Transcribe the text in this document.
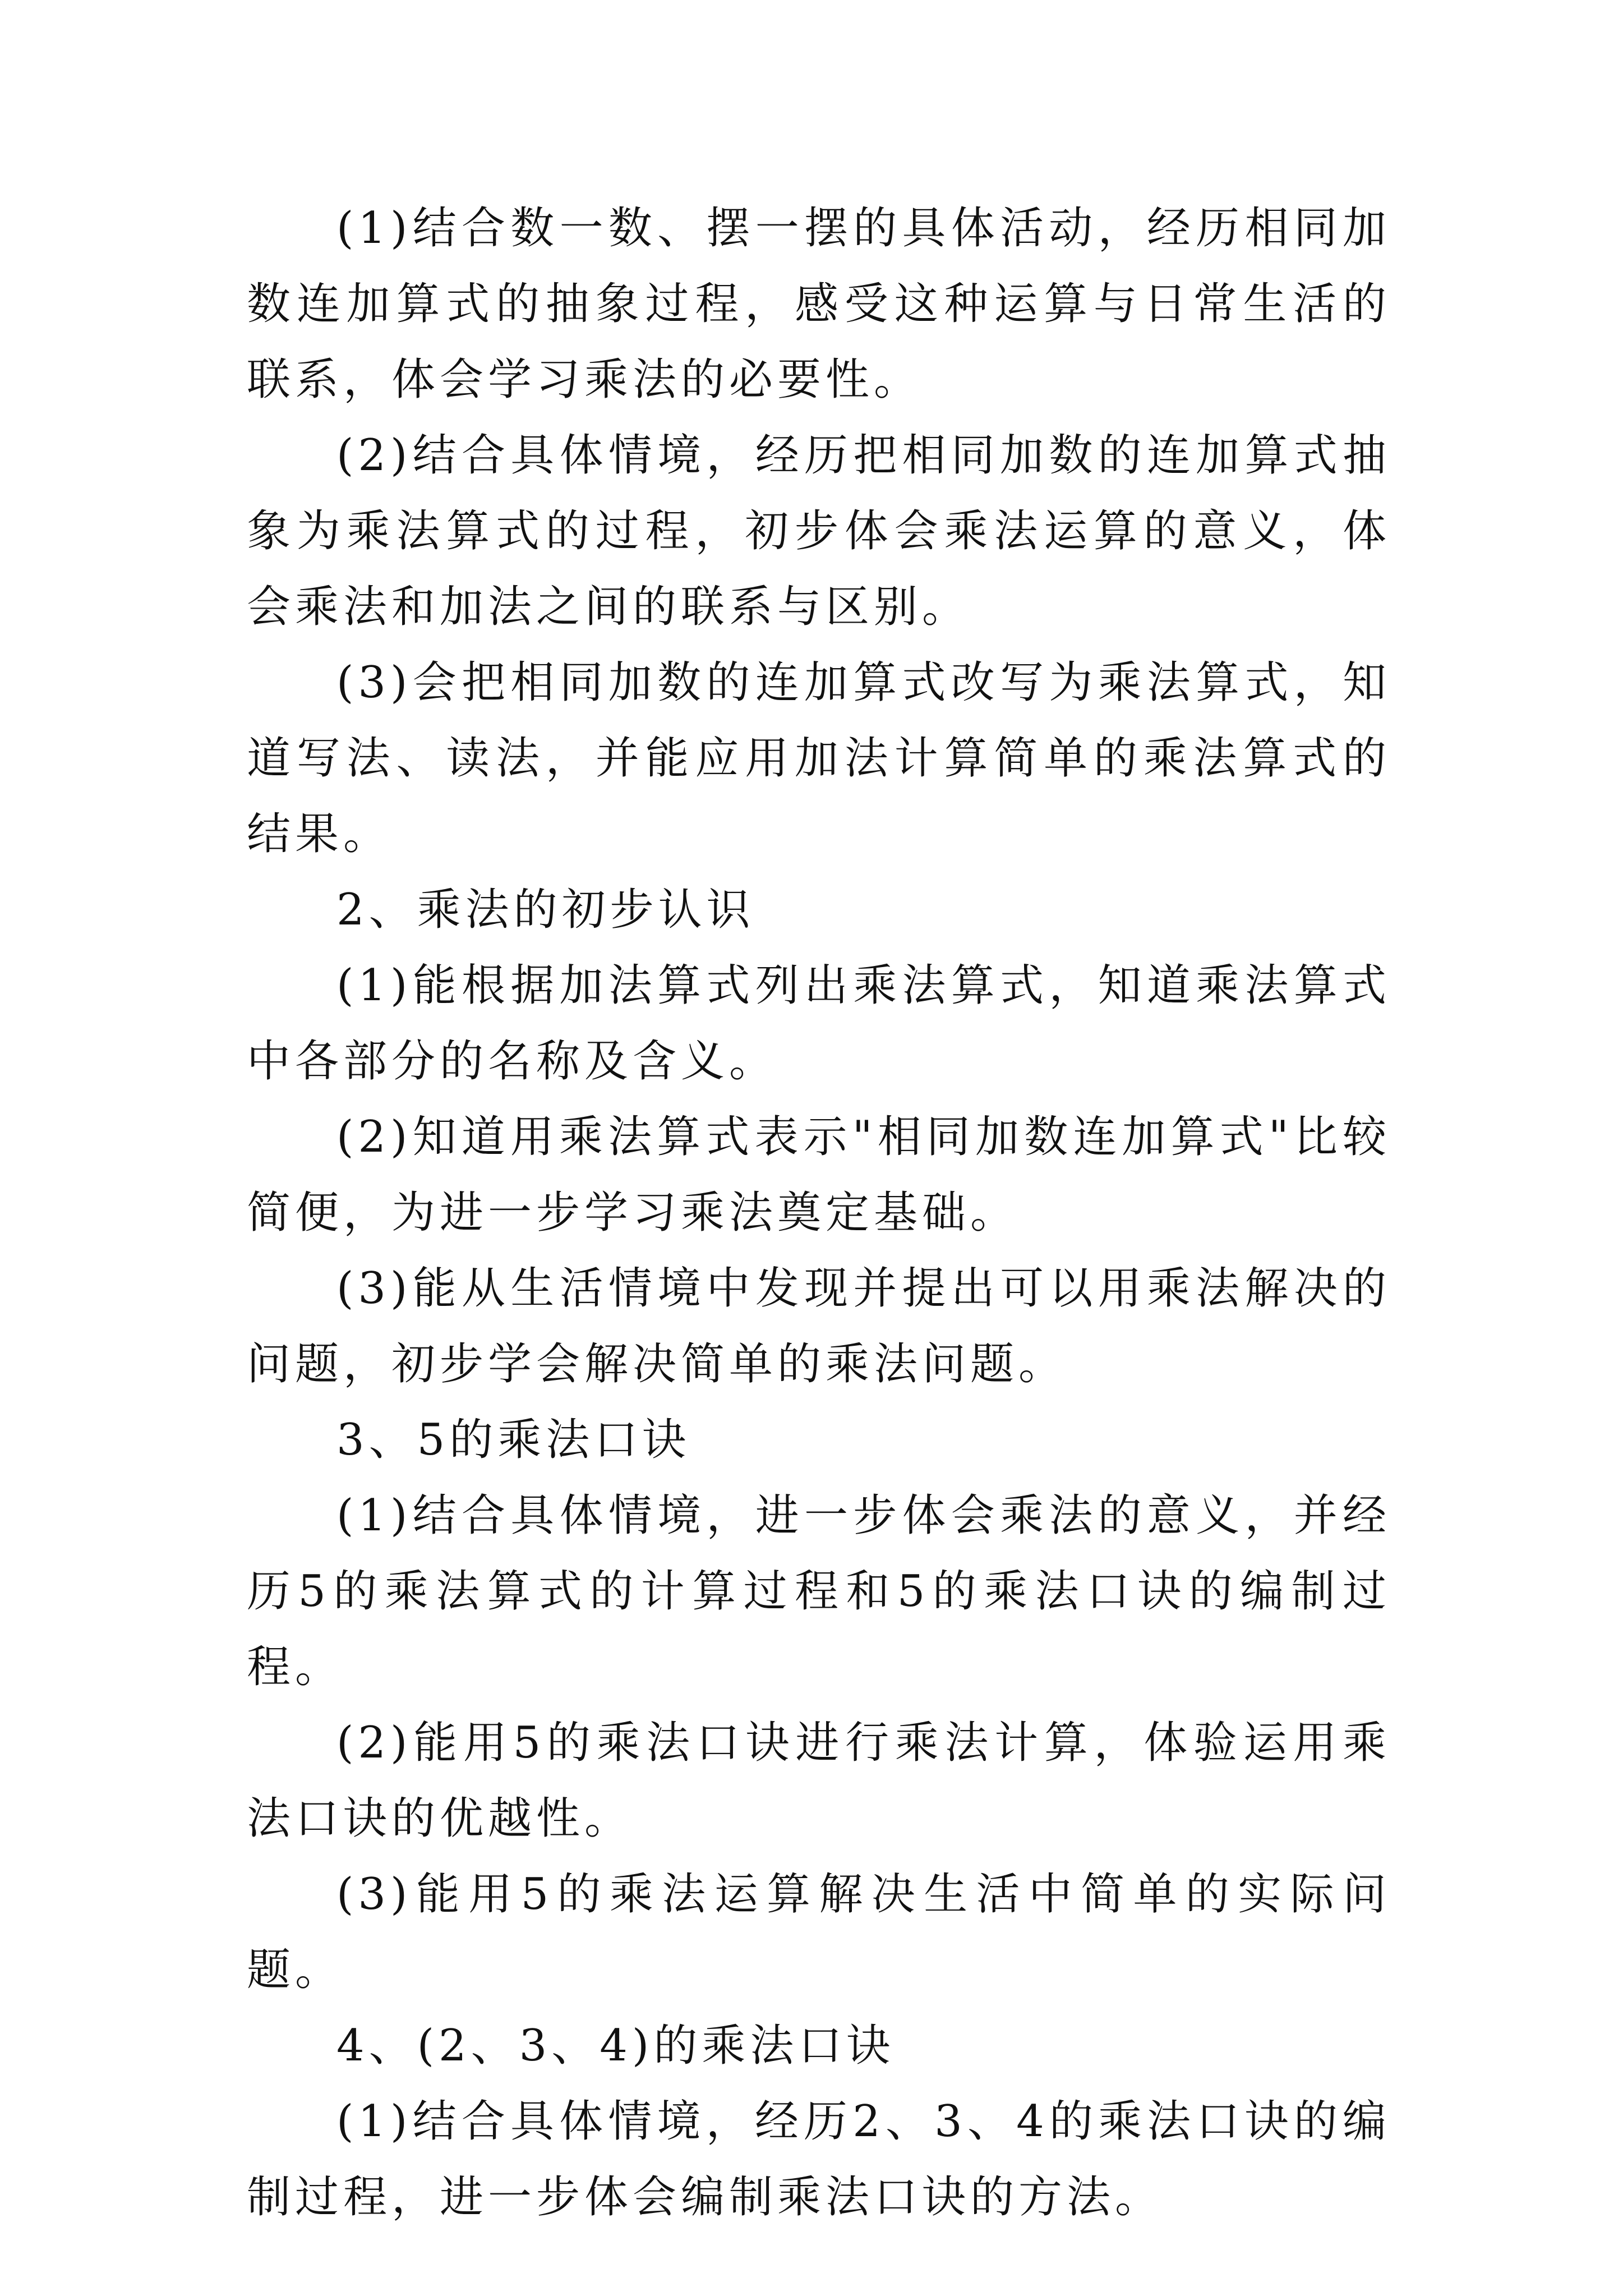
(1)结合数一数、摆一摆的具体活动，经历相同加数连加算式的抽象过程，感受这种运算与日常生活的联系，体会学习乘法的必要性。

(2)结合具体情境，经历把相同加数的连加算式抽象为乘法算式的过程，初步体会乘法运算的意义，体会乘法和加法之间的联系与区别。

(3)会把相同加数的连加算式改写为乘法算式，知道写法、读法，并能应用加法计算简单的乘法算式的结果。

2、乘法的初步认识

(1)能根据加法算式列出乘法算式，知道乘法算式中各部分的名称及含义。

(2)知道用乘法算式表示"相同加数连加算式"比较简便，为进一步学习乘法奠定基础。

(3)能从生活情境中发现并提出可以用乘法解决的问题，初步学会解决简单的乘法问题。

3、5的乘法口诀

(1)结合具体情境，进一步体会乘法的意义，并经历5的乘法算式的计算过程和5的乘法口诀的编制过程。

(2)能用5的乘法口诀进行乘法计算，体验运用乘法口诀的优越性。

(3)能用5的乘法运算解决生活中简单的实际问题。

4、(2、3、4)的乘法口诀

(1)结合具体情境，经历2、3、4的乘法口诀的编制过程，进一步体会编制乘法口诀的方法。
